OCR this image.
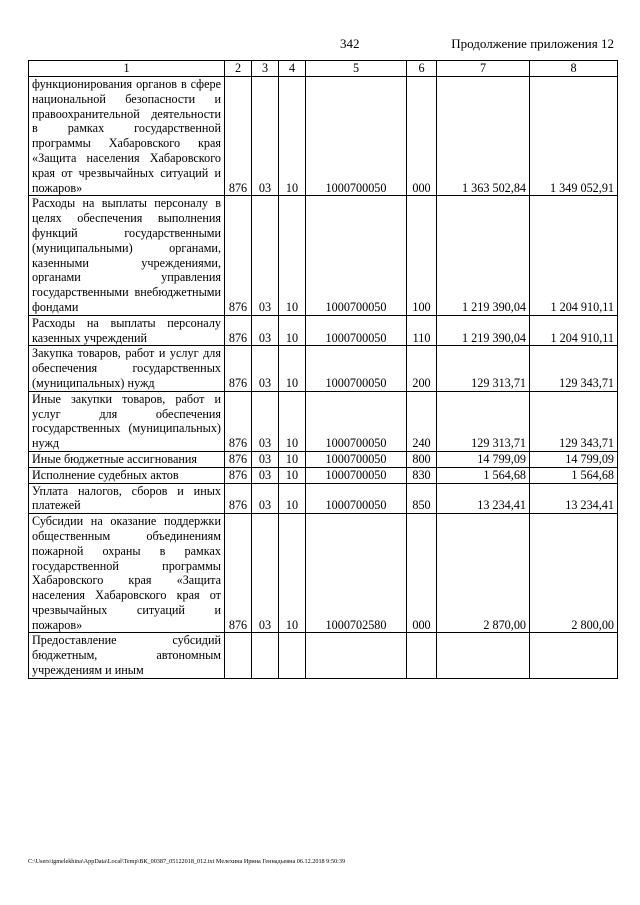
342	Продолжение приложения 12
1	2	3	4	5	6	7	8
функционирования органов в сфере национальной безопасности и правоохранительной деятельности в рамках государственной программы Хабаровского края «Защита населения Хабаровского края от чрезвычайных ситуаций и пожаров»	876	03	10	1000700050	000	1 363 502,84	1 349 052,91
Расходы на выплаты персоналу в целях обеспечения выполнения функций государственными (муниципальными) органами, казенными учреждениями, органами управления государственными внебюджетными фондами	876	03	10	1000700050	100	1 219 390,04	1 204 910,11
Расходы на выплаты персоналу казенных учреждений	876	03	10	1000700050	110	1 219 390,04	1 204 910,11
Закупка товаров, работ и услуг для обеспечения государственных (муниципальных) нужд	876	03	10	1000700050	200	129 313,71	129 343,71
Иные закупки товаров, работ и услуг для обеспечения государственных (муниципальных) нужд	876	03	10	1000700050	240	129 313,71	129 343,71
Иные бюджетные ассигнования	876	03	10	1000700050	800	14 799,09	14 799,09
Исполнение судебных актов	876	03	10	1000700050	830	1 564,68	1 564,68
Уплата налогов, сборов и иных платежей	876	03	10	1000700050	850	13 234,41	13 234,41
Субсидии на оказание поддержки общественным объединениям пожарной охраны в рамках государственной программы Хабаровского края «Защита населения Хабаровского края от чрезвычайных ситуаций и пожаров»	876	03	10	1000702580	000	2 870,00	2 800,00
Предоставление субсидий бюджетным, автономным учреждениям и иным							
C:\Users\igmelekhina\AppData\Local\Temp\ВК_00387_05122018_012.txt Мелехина Ирина Геннадьевна 06.12.2018 9:50:39
